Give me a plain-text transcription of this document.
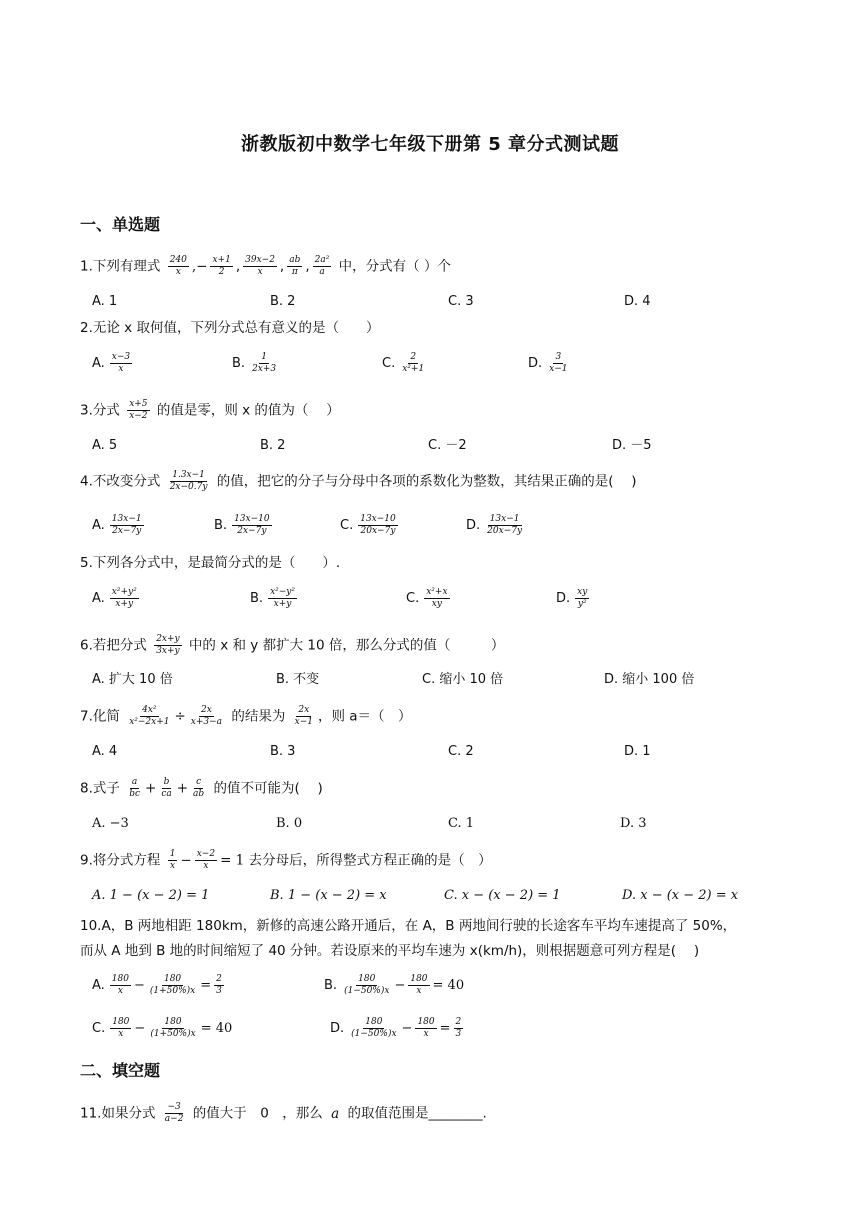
浙教版初中数学七年级下册第 5 章分式测试题
一、单选题
1.下列有理式 $\frac{240}{x}$ ,− $\frac{x+1}{2}$ , $\frac{39x-2}{x}$ , $\frac{ab}{\pi}$ , $\frac{\text{2a²}}{a}$ 中，分式有（ ）个
A. 1	B. 2	C. 3	D. 4
2.无论 x 取何值，下列分式总有意义的是（　　）
A. $\frac{x-3}{x}$	B. $\frac{1}{2x+3}$	C. $\frac{2}{\text{x²+1}}$	D. $\frac{3}{x-1}$
3.分式 $\frac{x+5}{x-2}$ 的值是零，则 x 的值为（　 ）
A. 5	B. 2	C. －2	D. －5
4.不改变分式 $\frac{1.3x-1}{2x-0.7y}$ 的值，把它的分子与分母中各项的系数化为整数，其结果正确的是(　 )
A. $\frac{13x-1}{2x-7y}$	B. $\frac{13x-10}{2x-7y}$	C. $\frac{13x-10}{20x-7y}$	D. $\frac{13x-1}{20x-7y}$
5.下列各分式中，是最简分式的是（　　）.
A. $\frac{\text{x²+y²}}{x+y}$	B. $\frac{\text{x²−y²}}{x+y}$	C. $\frac{\text{x²+x}}{xy}$	D. $\frac{xy}{\text{y²}}$
6.若把分式 $\frac{2x+y}{3x+y}$ 中的 x 和 y 都扩大 10 倍，那么分式的值（　　　）
A. 扩大 10 倍	B. 不变	C. 缩小 10 倍	D. 缩小 100 倍
7.化简 $\frac{\text{4x²}}{\text{x²−2x+1}} \div \frac{2x}{x+3-a}$ 的结果为 $\frac{2x}{x-1}$ ，则 a＝（　）
A. 4	B. 3	C. 2	D. 1
8.式子 $\frac{a}{bc} + \frac{b}{ca} + \frac{c}{ab}$ 的值不可能为(　 )
A. −3	B. 0	C. 1	D. 3
9.将分式方程 $\frac{1}{x} - \frac{x-2}{x} = 1$ 去分母后，所得整式方程正确的是（　）
A. 1 − (x − 2) = 1	B. 1 − (x − 2) = x	C. x − (x − 2) = 1	D. x − (x − 2) = x
10.A，B 两地相距 180km，新修的高速公路开通后，在 A，B 两地间行驶的长途客车平均车速提高了 50%，
而从 A 地到 B 地的时间缩短了 40 分钟。若设原来的平均车速为 x(km/h)，则根据题意可列方程是(　 )
A. $\frac{180}{x} - \frac{180}{(1+50\%)x} = \frac{2}{3}$	B. $\frac{180}{(1-50\%)x} - \frac{180}{x} = 40$
C. $\frac{180}{x} - \frac{180}{(1+50\%)x} = 40$	D. $\frac{180}{(1-50\%)x} - \frac{180}{x} = \frac{2}{3}$
二、填空题
11.如果分式 $\frac{-3}{a-2}$ 的值大于　0　，那么 a 的取值范围是________.
